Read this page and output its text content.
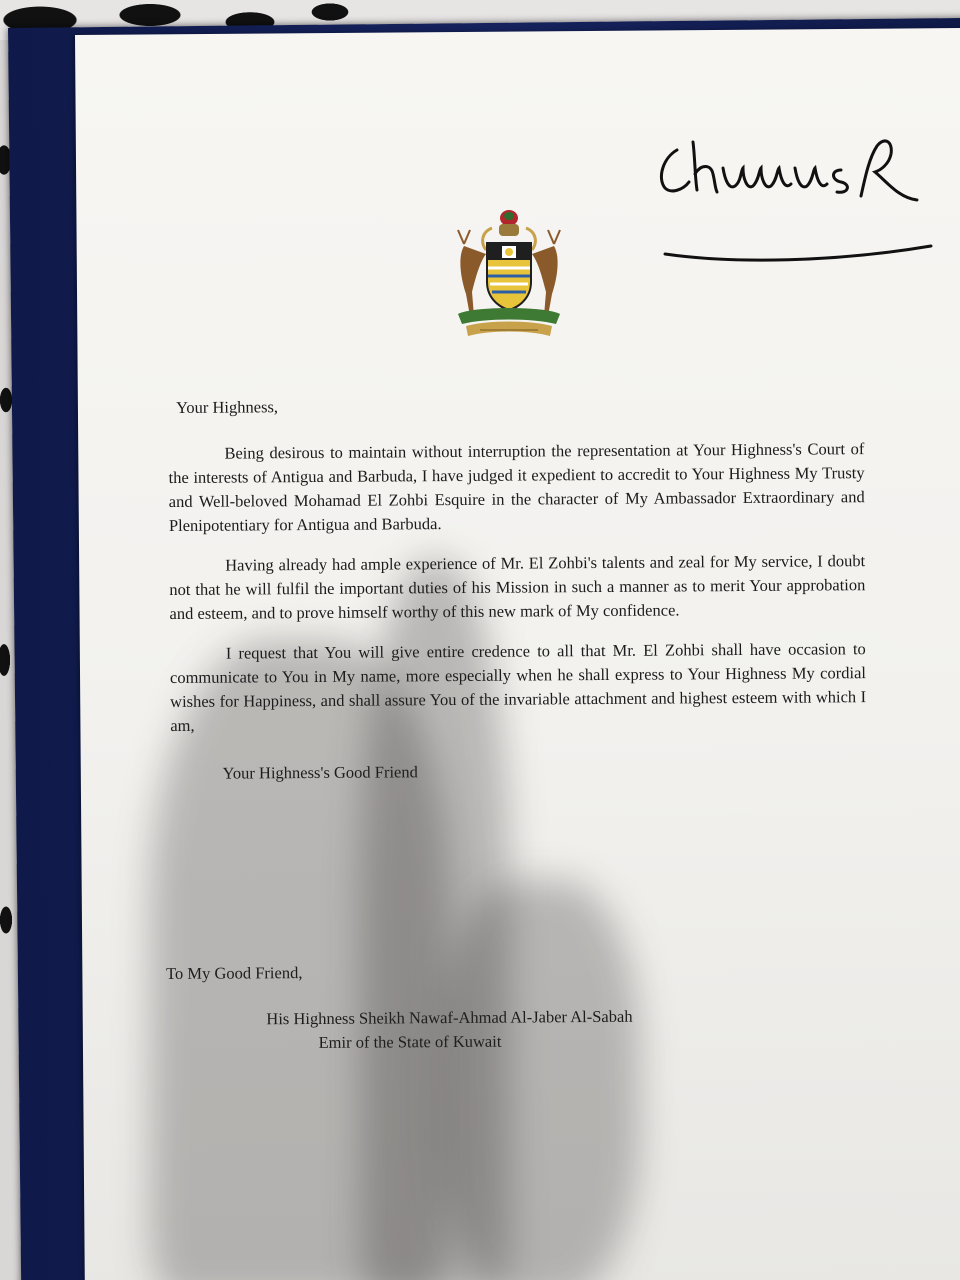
Your Highness,

Being desirous to maintain without interruption the representation at Your Highness's Court of the interests of Antigua and Barbuda, I have judged it expedient to accredit to Your Highness My Trusty and Well-beloved Mohamad El Zohbi Esquire in the character of My Ambassador Extraordinary and Plenipotentiary for Antigua and Barbuda.

Having already had ample experience of Mr. El Zohbi's talents and zeal for My service, I doubt not that he will fulfil the important duties of his Mission in such a manner as to merit Your approbation and esteem, and to prove himself worthy of this new mark of My confidence.

I request that You will give entire credence to all that Mr. El Zohbi shall have occasion to communicate to You in My name, more especially when he shall express to Your Highness My cordial wishes for Happiness, and shall assure You of the invariable attachment and highest esteem with which I am,

Your Highness's Good Friend

To My Good Friend,

His Highness Sheikh Nawaf-Ahmad Al-Jaber Al-Sabah

Emir of the State of Kuwait
